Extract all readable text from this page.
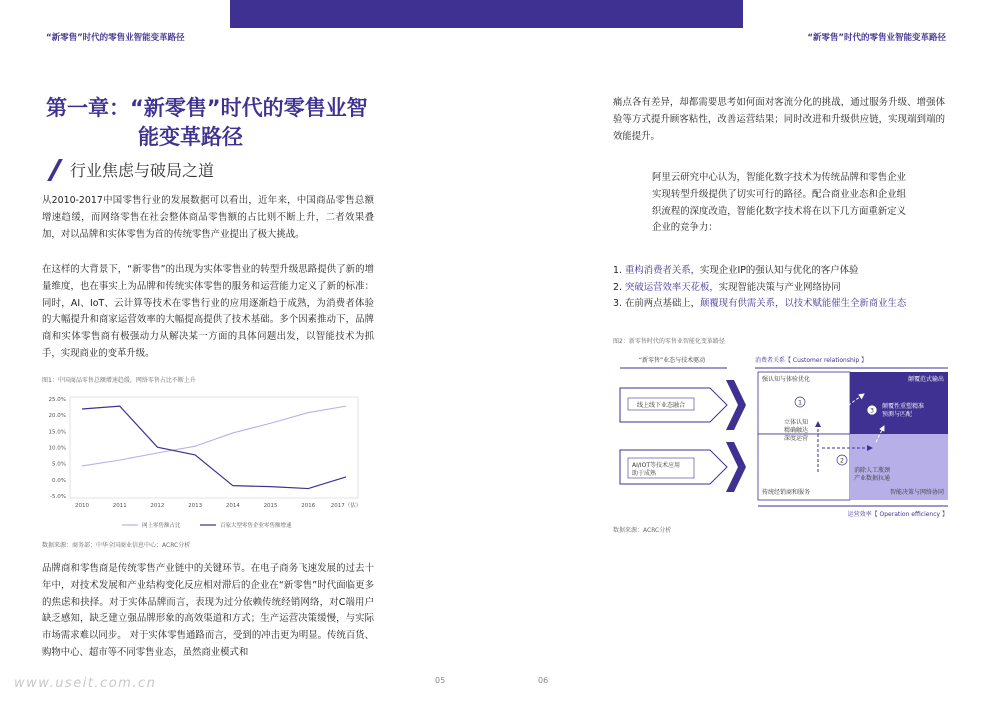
“新零售”时代的零售业智能变革路径	“新零售”时代的零售业智能变革路径
第一章：“新零售”时代的零售业智
能变革路径
行业焦虑与破局之道
从2010-2017中国零售行业的发展数据可以看出，近年来，中国商品零售总额增速趋缓，而网络零售在社会整体商品零售额的占比则不断上升，二者效果叠加，对以品牌和实体零售为首的传统零售产业提出了极大挑战。
在这样的大背景下，“新零售”的出现为实体零售业的转型升级思路提供了新的增量维度，也在事实上为品牌和传统实体零售的服务和运营能力定义了新的标准：同时，AI、IoT、云计算等技术在零售行业的应用逐渐趋于成熟，为消费者体验的大幅提升和商家运营效率的大幅提高提供了技术基础。多个因素推动下，品牌商和实体零售商有极强动力从解决某一方面的具体问题出发，以智能技术为抓手，实现商业的变革升级。
图1：中国商品零售总额增速趋缓，网络零售占比不断上升
25.0%
20.0%
15.0%
10.0%
5.0%
0.0%
-5.0%
2010	2011	2012	2013	2014	2015	2016	2017（估）
网上零售额占比	百家大型零售企业零售额增速
数据来源：商务部；中华全国商业信息中心；ACRC分析
品牌商和零售商是传统零售产业链中的关键环节。在电子商务飞速发展的过去十年中，对技术发展和产业结构变化反应相对滞后的企业在“新零售”时代面临更多的焦虑和抉择。对于实体品牌而言，表现为过分依赖传统经销网络，对C端用户缺乏感知，缺乏建立强品牌形象的高效渠道和方式；生产运营决策缓慢，与实际市场需求难以同步。 对于实体零售通路而言，受到的冲击更为明显。传统百货、购物中心、超市等不同零售业态，虽然商业模式和
痛点各有差异，却都需要思考如何面对客流分化的挑战，通过服务升级、增强体验等方式提升顾客粘性，改善运营结果；同时改进和升级供应链，实现端到端的效能提升。
阿里云研究中心认为，智能化数字技术为传统品牌和零售企业实现转型升级提供了切实可行的路径。配合商业业态和企业组织流程的深度改造，智能化数字技术将在以下几方面重新定义企业的竞争力：
1. 重构消费者关系，实现企业IP的强认知与优化的客户体验
2. 突破运营效率天花板，实现智能决策与产业网络协同
3. 在前两点基础上，颠覆现有供需关系，以技术赋能催生全新商业生态
图2：新零售时代的零售业智能化变革路径
“新零售”业态与技术驱动
线上线下业态融合
AI/IOT等技术应用
助于成熟
消费者关系【 Customer relationship 】
强认知与体验优化	颠覆范式输出
传统经销商和服务	智能决策与网络协同
1
立体认知
精确触达
深度运营
2
消除人工瓶颈
产业数据拉通
3
颠覆性重塑精准
预测与匹配
运营效率【 Operation efficiency 】
数据来源：ACRC分析
05	06
www.useit.com.cn
